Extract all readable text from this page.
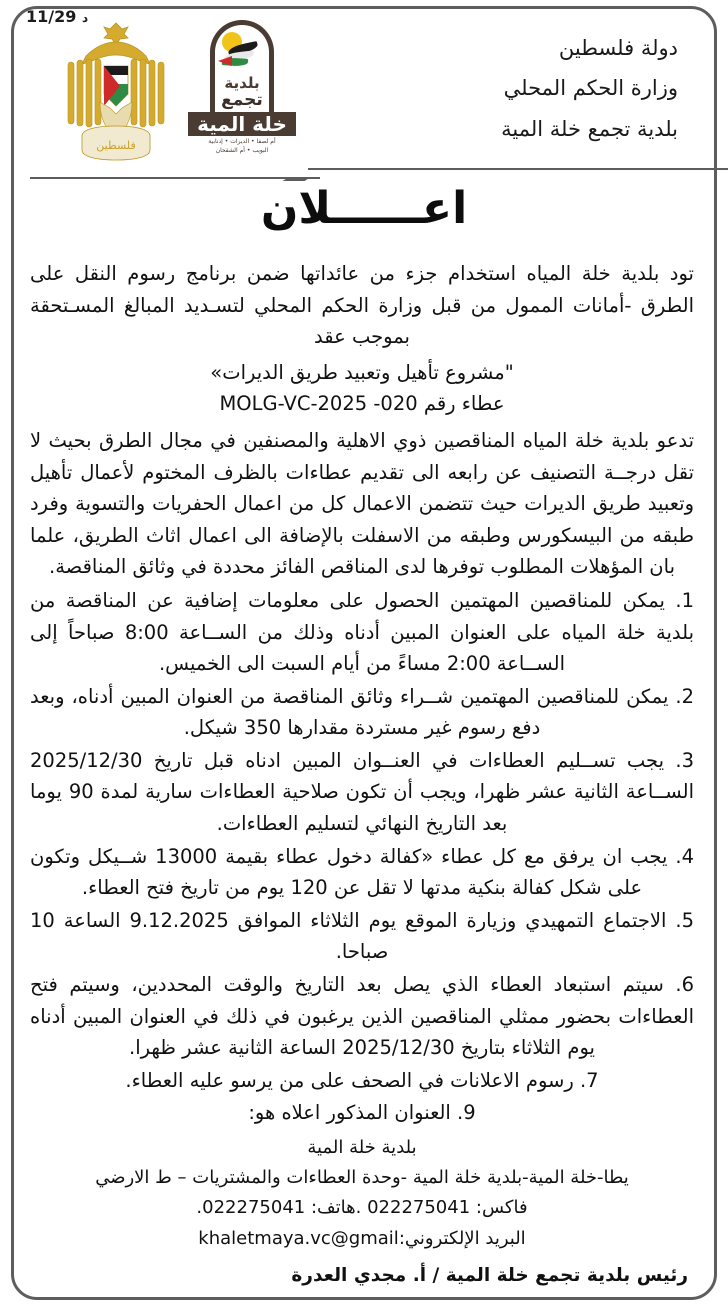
د 11/29
بلدية
تجمع
خلة المية
أم لصفا • الديرات • إدنابية
البويب • أم الشقحان
فلسطين
دولة فلسطين
وزارة الحكم المحلي
بلدية تجمع خلة المية
اعــــــلان

تود بلدية خلة المياه استخدام جزء من عائداتها ضمن برنامج رسوم النقل على الطرق -أمانات الممول من قبل وزارة الحكم المحلي لتسـديد المبالغ المسـتحقة بموجب عقد

"مشروع تأهيل وتعبيد طريق الديرات»

عطاء رقم 020- MOLG-VC-2025

تدعو بلدية خلة المياه المناقصين ذوي الاهلية والمصنفين في مجال الطرق بحيث لا تقل درجــة التصنيف عن رابعه الى تقديم عطاءات بالظرف المختوم لأعمال تأهيل وتعبيد طريق الديرات حيث تتضمن الاعمال كل من اعمال الحفريات والتسوية وفرد طبقه من البيسكورس وطبقه من الاسفلت بالإضافة الى اعمال اثاث الطريق، علما بان المؤهلات المطلوب توفرها لدى المناقص الفائز محددة في وثائق المناقصة.

1. يمكن للمناقصين المهتمين الحصول على معلومات إضافية عن المناقصة من بلدية خلة المياه على العنوان المبين أدناه وذلك من الســاعة 8:00 صباحاً إلى الســاعة 2:00 مساءً من أيام السبت الى الخميس.
2. يمكن للمناقصين المهتمين شــراء وثائق المناقصة من العنوان المبين أدناه، وبعد دفع رسوم غير مستردة مقدارها 350 شيكل.
3. يجب تســليم العطاءات في العنــوان المبين ادناه قبل تاريخ 2025/12/30 الســاعة الثانية عشر ظهرا، ويجب أن تكون صلاحية العطاءات سارية لمدة 90 يوما بعد التاريخ النهائي لتسليم العطاءات.
4. يجب ان يرفق مع كل عطاء «كفالة دخول عطاء بقيمة 13000 شــيكل وتكون على شكل كفالة بنكية مدتها لا تقل عن 120 يوم من تاريخ فتح العطاء.
5. الاجتماع التمهيدي وزيارة الموقع يوم الثلاثاء الموافق 9.12.2025 الساعة 10 صباحا.
6. سيتم استبعاد العطاء الذي يصل بعد التاريخ والوقت المحددين، وسيتم فتح العطاءات بحضور ممثلي المناقصين الذين يرغبون في ذلك في العنوان المبين أدناه يوم الثلاثاء بتاريخ 2025/12/30 الساعة الثانية عشر ظهرا.
7. رسوم الاعلانات في الصحف على من يرسو عليه العطاء.
9. العنوان المذكور اعلاه هو:
بلدية خلة المية
يطا-خلة المية-بلدية خلة المية -وحدة العطاءات والمشتريات – ط الارضي
فاكس: 022275041 .هاتف: 022275041.
البريد الإلكتروني:khaletmaya.vc@gmail
رئيس بلدية تجمع خلة المية / أ. مجدي العدرة
